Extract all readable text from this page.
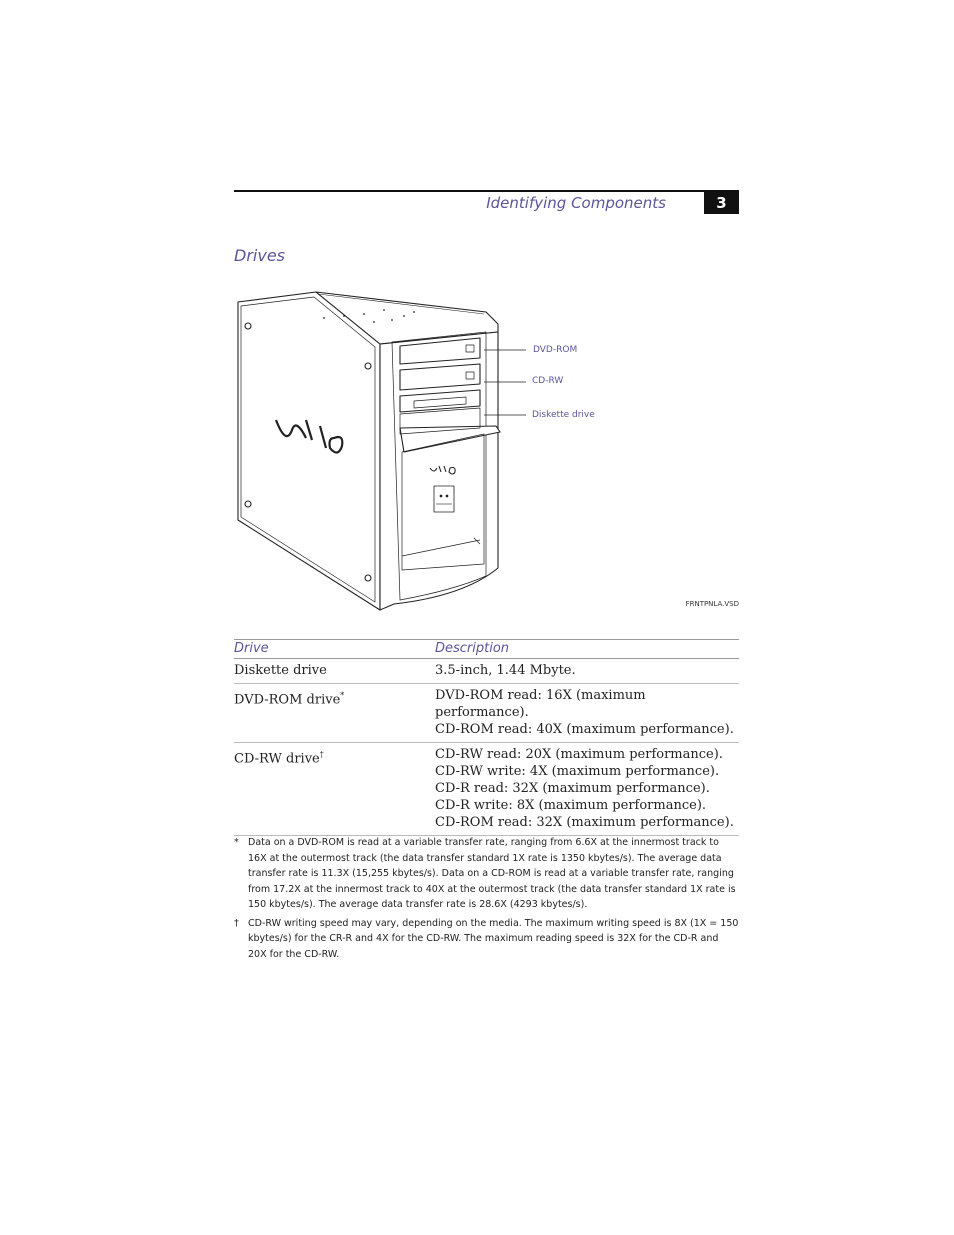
Identifying Components	3
Drives
DVD-ROM
CD-RW
Diskette drive
FRNTPNLA.VSD
Drive	Description
Diskette drive	3.5-inch, 1.44 Mbyte.

DVD-ROM drive*	DVD-ROM read: 16X (maximum
performance).
CD-ROM read: 40X (maximum performance).

CD-RW drive†	CD-RW read: 20X (maximum performance).
CD-RW write: 4X (maximum performance).
CD-R read: 32X (maximum performance).
CD-R write: 8X (maximum performance).
CD-ROM read: 32X (maximum performance).
* Data on a DVD-ROM is read at a variable transfer rate, ranging from 6.6X at the innermost track to 16X at the outermost track (the data transfer standard 1X rate is 1350 kbytes/s). The average data transfer rate is 11.3X (15,255 kbytes/s). Data on a CD-ROM is read at a variable transfer rate, ranging from 17.2X at the innermost track to 40X at the outermost track (the data transfer standard 1X rate is 150 kbytes/s). The average data transfer rate is 28.6X (4293 kbytes/s).
† CD-RW writing speed may vary, depending on the media. The maximum writing speed is 8X (1X = 150 kbytes/s) for the CR-R and 4X for the CD-RW. The maximum reading speed is 32X for the CD-R and 20X for the CD-RW.
